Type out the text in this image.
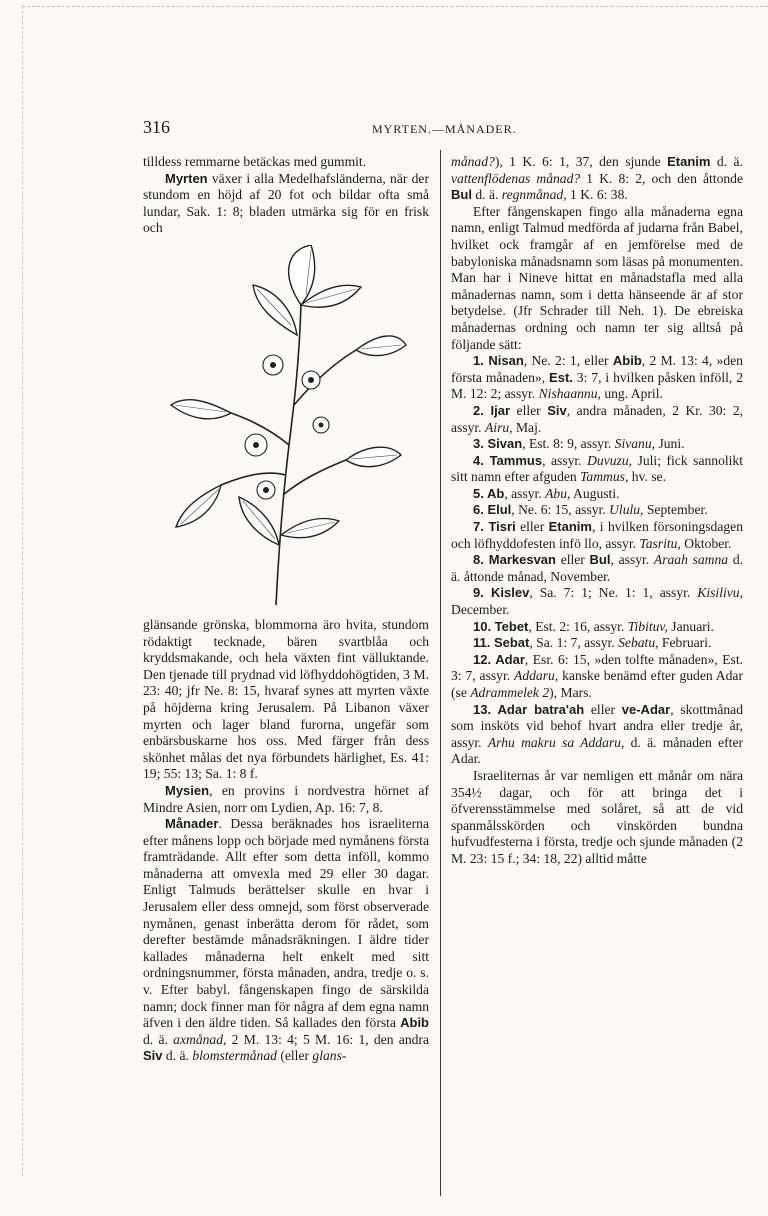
316	MYRTEN.—MÅNADER.

tilldess remmarne betäckas med gummit.

Myrten växer i alla Medelhafsländerna, när der stundom en höjd af 20 fot och bildar ofta små lundar, Sak. 1: 8; bladen utmärka sig för en frisk och

glänsande grönska, blommorna äro hvita, stundom rödaktigt tecknade, bären svartblåa och kryddsmakande, och hela växten fint välluktande. Den tjenade till prydnad vid löfhyddohögtiden, 3 M. 23: 40; jfr Ne. 8: 15, hvaraf synes att myrten växte på höjderna kring Jerusalem. På Libanon växer myrten och lager bland furorna, ungefär som enbärsbuskarne hos oss. Med färger från dess skönhet målas det nya förbundets härlighet, Es. 41: 19; 55: 13; Sa. 1: 8 f.

Mysien, en provins i nordvestra hörnet af Mindre Asien, norr om Lydien, Ap. 16: 7, 8.

Månader. Dessa beräknades hos israeliterna efter månens lopp och började med nymånens första framträdande. Allt efter som detta inföll, kommo månaderna att omvexla med 29 eller 30 dagar. Enligt Talmuds berättelser skulle en hvar i Jerusalem eller dess omnejd, som först observerade nymånen, genast inberätta derom för rådet, som derefter bestämde månadsräkningen. I äldre tider kallades månaderna helt enkelt med sitt ordningsnummer, första månaden, andra, tredje o. s. v. Efter babyl. fångenskapen fingo de särskilda namn; dock finner man för några af dem egna namn äfven i den äldre tiden. Så kallades den första Abib d. ä. axmånad, 2 M. 13: 4; 5 M. 16: 1, den andra Siv d. ä. blomstermånad (eller glans-

månad?), 1 K. 6: 1, 37, den sjunde Etanim d. ä. vattenflödenas månad? 1 K. 8: 2, och den åttonde Bul d. ä. regnmånad, 1 K. 6: 38.

Efter fångenskapen fingo alla månaderna egna namn, enligt Talmud medförda af judarna från Babel, hvilket ock framgår af en jemförelse med de babyloniska månadsnamn som läsas på monumenten. Man har i Nineve hittat en månadstafla med alla månadernas namn, som i detta hänseende är af stor betydelse. (Jfr Schrader till Neh. 1). De ebreiska månadernas ordning och namn ter sig alltså på följande sätt:

1. Nisan, Ne. 2: 1, eller Abib, 2 M. 13: 4, »den första månaden», Est. 3: 7, i hvilken påsken inföll, 2 M. 12: 2; assyr. Nishaannu, ung. April.

2. Ijar eller Siv, andra månaden, 2 Kr. 30: 2, assyr. Airu, Maj.

3. Sivan, Est. 8: 9, assyr. Sivanu, Juni.

4. Tammus, assyr. Duvuzu, Juli; fick sannolikt sitt namn efter afguden Tammus, hv. se.

5. Ab, assyr. Abu, Augusti.

6. Elul, Ne. 6: 15, assyr. Ululu, September.

7. Tisri eller Etanim, i hvilken försoningsdagen och löfhyddofesten infö llo, assyr. Tasritu, Oktober.

8. Markesvan eller Bul, assyr. Araah samna d. ä. åttonde månad, November.

9. Kislev, Sa. 7: 1; Ne. 1: 1, assyr. Kisilivu, December.

10. Tebet, Est. 2: 16, assyr. Tibituv, Januari.

11. Sebat, Sa. 1: 7, assyr. Sebatu, Februari.

12. Adar, Esr. 6: 15, »den tolfte månaden», Est. 3: 7, assyr. Addaru, kanske benämd efter guden Adar (se Adrammelek 2), Mars.

13. Adar batra'ah eller ve-Adar, skottmånad som insköts vid behof hvart andra eller tredje år, assyr. Arhu makru sa Addaru, d. ä. månaden efter Adar.

Israeliternas år var nemligen ett månår om nära 354½ dagar, och för att bringa det i öfverensstämmelse med solåret, så att de vid spanmålsskörden och vinskörden bundna hufvudfesterna i första, tredje och sjunde månaden (2 M. 23: 15 f.; 34: 18, 22) alltid måtte
